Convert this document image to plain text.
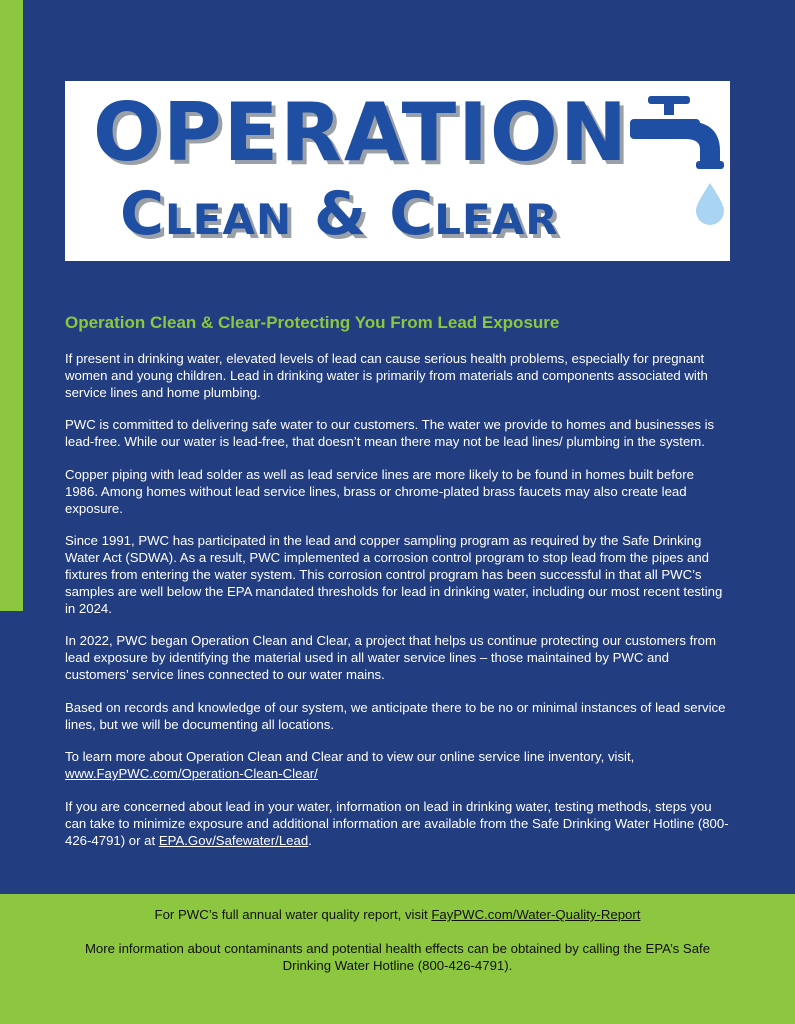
OPERATION
Clean & Clear
Operation Clean & Clear-Protecting You From Lead Exposure

If present in drinking water, elevated levels of lead can cause serious health problems, especially for pregnant women and young children. Lead in drinking water is primarily from materials and components associated with service lines and home plumbing.

PWC is committed to delivering safe water to our customers. The water we provide to homes and businesses is lead-free. While our water is lead-free, that doesn’t mean there may not be lead lines/ plumbing in the system.

Copper piping with lead solder as well as lead service lines are more likely to be found in homes built before 1986. Among homes without lead service lines, brass or chrome-plated brass faucets may also create lead exposure.

Since 1991, PWC has participated in the lead and copper sampling program as required by the Safe Drinking Water Act (SDWA). As a result, PWC implemented a corrosion control program to stop lead from the pipes and fixtures from entering the water system. This corrosion control program has been successful in that all PWC’s samples are well below the EPA mandated thresholds for lead in drinking water, including our most recent testing in 2024.

In 2022, PWC began Operation Clean and Clear, a project that helps us continue protecting our customers from lead exposure by identifying the material used in all water service lines – those maintained by PWC and customers’ service lines connected to our water mains.

Based on records and knowledge of our system, we anticipate there to be no or minimal instances of lead service lines, but we will be documenting all locations.

To learn more about Operation Clean and Clear and to view our online service line inventory, visit,
www.FayPWC.com/Operation-Clean-Clear/

If you are concerned about lead in your water, information on lead in drinking water, testing methods, steps you can take to minimize exposure and additional information are available from the Safe Drinking Water Hotline (800-426-4791) or at EPA.Gov/Safewater/Lead.

For PWC’s full annual water quality report, visit FayPWC.com/Water-Quality-Report

More information about contaminants and potential health effects can be obtained by calling the EPA’s Safe Drinking Water Hotline (800-426-4791).
